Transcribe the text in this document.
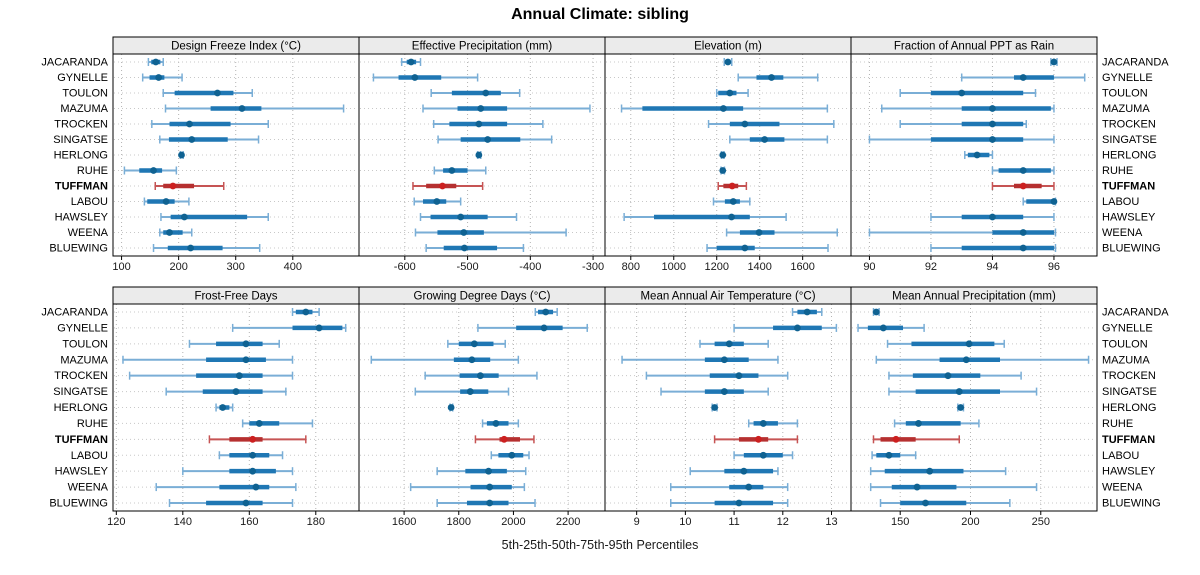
JACARANDA	JACARANDA
GYNELLE	GYNELLE
TOULON	TOULON
MAZUMA	MAZUMA
TROCKEN	TROCKEN
SINGATSE	SINGATSE
HERLONG	HERLONG
RUHE	RUHE
TUFFMAN	TUFFMAN
LABOU	LABOU
HAWSLEY	HAWSLEY
WEENA	WEENA
BLUEWING	BLUEWING
JACARANDA	JACARANDA
GYNELLE	GYNELLE
TOULON	TOULON
MAZUMA	MAZUMA
TROCKEN	TROCKEN
SINGATSE	SINGATSE
HERLONG	HERLONG
RUHE	RUHE
TUFFMAN	TUFFMAN
LABOU	LABOU
HAWSLEY	HAWSLEY
WEENA	WEENA
BLUEWING	BLUEWING
100	200	300	400
Design Freeze Index (°C)
-600	-500	-400	-300
Effective Precipitation (mm)
800 1000 1200 1400 1600
Elevation (m)
90	92	94	96
Fraction of Annual PPT as Rain
120	140	160	180
Frost-Free Days
1600	1800	2000	2200
Growing Degree Days (°C)
9	10	11	12	13
Mean Annual Air Temperature (°C)
150	200	250
Mean Annual Precipitation (mm)
Annual Climate: sibling
5th-25th-50th-75th-95th Percentiles
